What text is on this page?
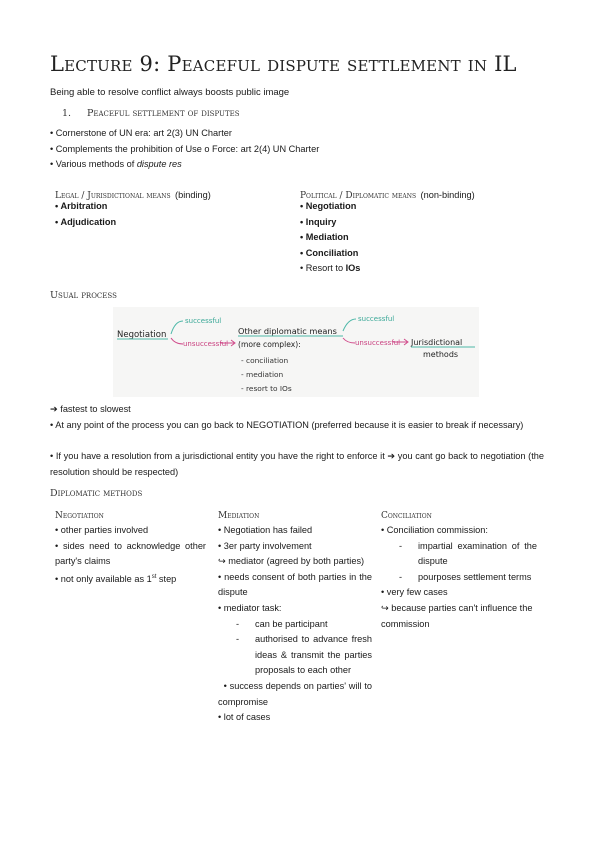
Lecture 9: Peaceful dispute settlement in IL
Being able to resolve conflict always boosts public image
1. Peaceful settlement of disputes
• Cornerstone of UN era: art 2(3) UN Charter
• Complements the prohibition of Use o Force: art 2(4) UN Charter
• Various methods of dispute res
Legal / Jurisdictional means (binding)
• Arbitration
• Adjudication
Political / Diplomatic means (non-binding)
• Negotiation
• Inquiry
• Mediation
• Conciliation
• Resort to IOs
Usual process
Negotiation
successful
unsuccessful
Other diplomatic means
(more complex):
- conciliation
- mediation
- resort to IOs
successful
unsuccessful Jurisdictional
methods
➔ fastest to slowest
• At any point of the process you can go back to NEGOTIATION (preferred because it is easier to break if necessary)
• If you have a resolution from a jurisdictional entity you have the right to enforce it ➔ you cant go back to negotiation (the resolution should be respected)
Diplomatic methods
Negotiation
• other parties involved
• sides need to acknowledge other party's claims
• not only available as 1st step
Mediation
• Negotiation has failed
• 3er party involvement
↪ mediator (agreed by both parties)
• needs consent of both parties in the dispute
• mediator task:
- can be participant
- authorised to advance fresh ideas & transmit the parties proposals to each other
• success depends on parties' will to compromise
• lot of cases
Conciliation
• Conciliation commission:
- impartial examination of the dispute
- pourposes settlement terms
• very few cases
↪ because parties can't influence the commission
